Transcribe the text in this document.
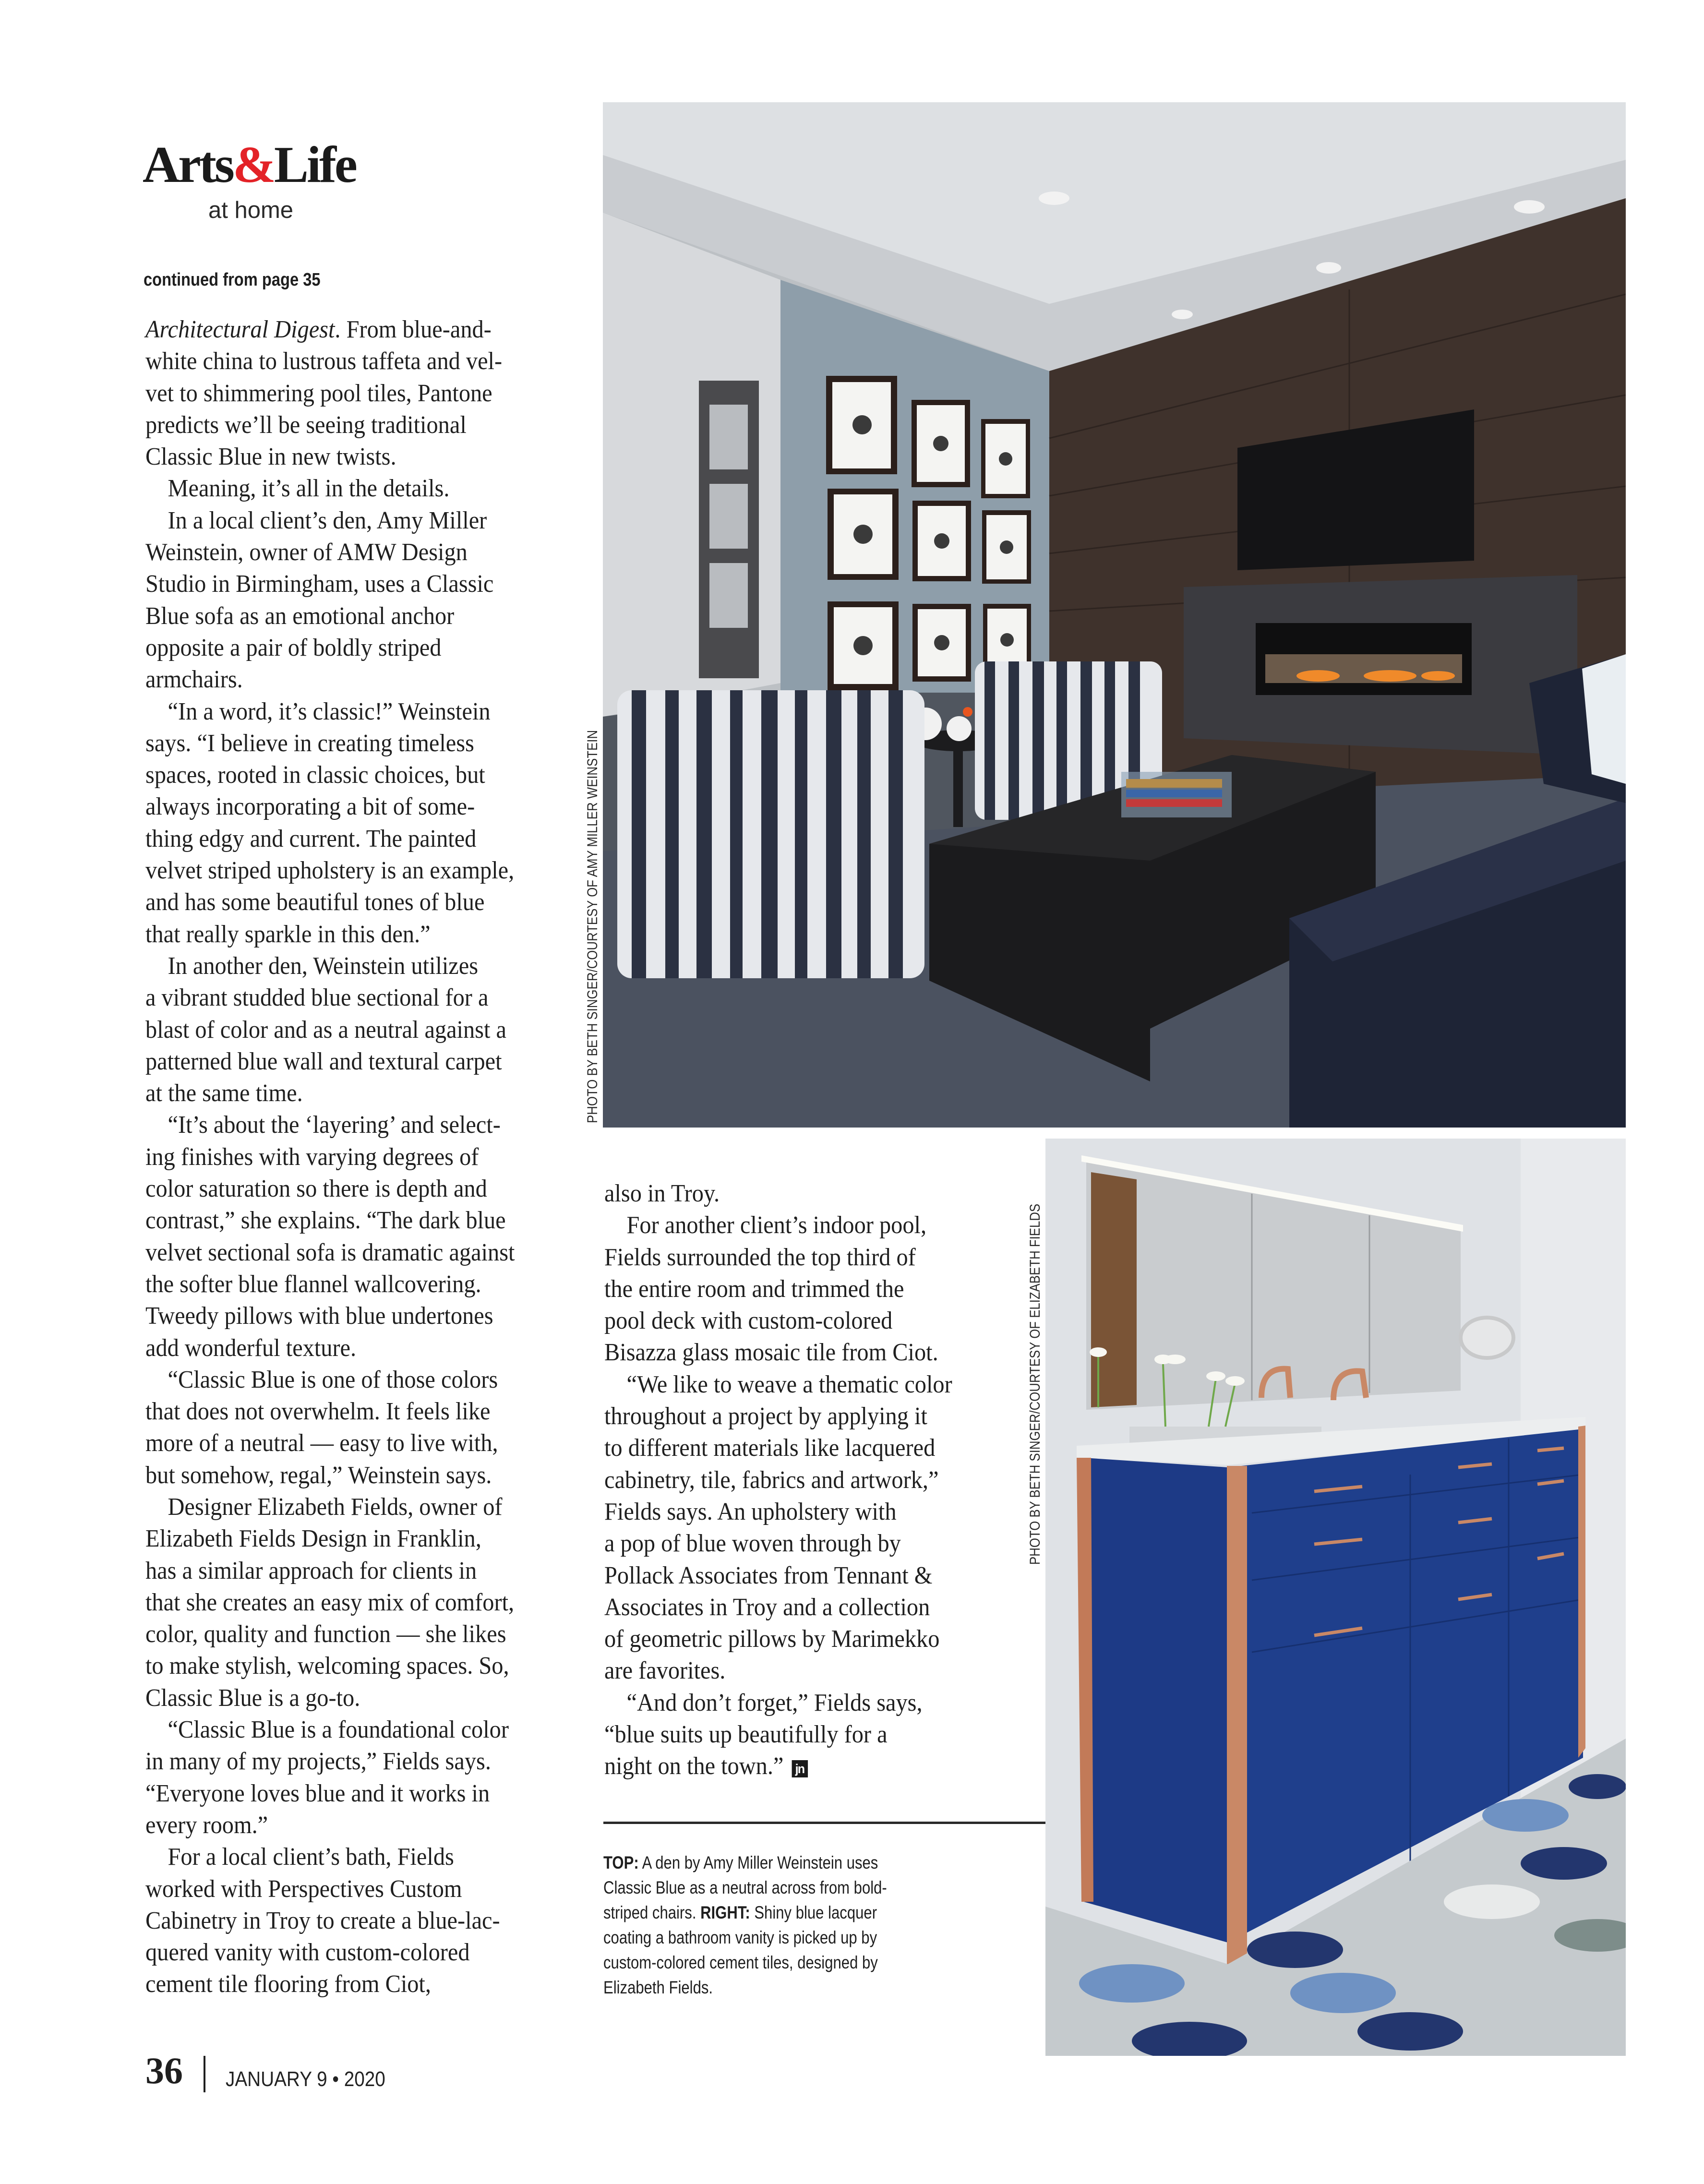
Arts&Life
at home
continued from page 35
Architectural Digest. From blue-and-
white china to lustrous taffeta and vel-
vet to shimmering pool tiles, Pantone
predicts we’ll be seeing traditional
Classic Blue in new twists.
Meaning, it’s all in the details.
In a local client’s den, Amy Miller
Weinstein, owner of AMW Design
Studio in Birmingham, uses a Classic
Blue sofa as an emotional anchor
opposite a pair of boldly striped
armchairs.
“In a word, it’s classic!” Weinstein
says. “I believe in creating timeless
spaces, rooted in classic choices, but
always incorporating a bit of some-
thing edgy and current. The painted
velvet striped upholstery is an example,
and has some beautiful tones of blue
that really sparkle in this den.”
In another den, Weinstein utilizes
a vibrant studded blue sectional for a
blast of color and as a neutral against a
patterned blue wall and textural carpet
at the same time.
“It’s about the ‘layering’ and select-
ing finishes with varying degrees of
color saturation so there is depth and
contrast,” she explains. “The dark blue
velvet sectional sofa is dramatic against
the softer blue flannel wallcovering.
Tweedy pillows with blue undertones
add wonderful texture.
“Classic Blue is one of those colors
that does not overwhelm. It feels like
more of a neutral — easy to live with,
but somehow, regal,” Weinstein says.
Designer Elizabeth Fields, owner of
Elizabeth Fields Design in Franklin,
has a similar approach for clients in
that she creates an easy mix of comfort,
color, quality and function — she likes
to make stylish, welcoming spaces. So,
Classic Blue is a go-to.
“Classic Blue is a foundational color
in many of my projects,” Fields says.
“Everyone loves blue and it works in
every room.”
For a local client’s bath, Fields
worked with Perspectives Custom
Cabinetry in Troy to create a blue-lac-
quered vanity with custom-colored
cement tile flooring from Ciot,
PHOTO BY BETH SINGER/COURTESY OF AMY MILLER WEINSTEIN
also in Troy.
For another client’s indoor pool,
Fields surrounded the top third of
the entire room and trimmed the
pool deck with custom-colored
Bisazza glass mosaic tile from Ciot.
“We like to weave a thematic color
throughout a project by applying it
to different materials like lacquered
cabinetry, tile, fabrics and artwork,”
Fields says. An upholstery with
a pop of blue woven through by
Pollack Associates from Tennant &
Associates in Troy and a collection
of geometric pillows by Marimekko
are favorites.
“And don’t forget,” Fields says,
“blue suits up beautifully for a
night on the town.” jn
PHOTO BY BETH SINGER/COURTESY OF ELIZABETH FIELDS
TOP: A den by Amy Miller Weinstein uses
Classic Blue as a neutral across from bold-
striped chairs. RIGHT: Shiny blue lacquer
coating a bathroom vanity is picked up by
custom-colored cement tiles, designed by
Elizabeth Fields.
36 JANUARY 9 • 2020
